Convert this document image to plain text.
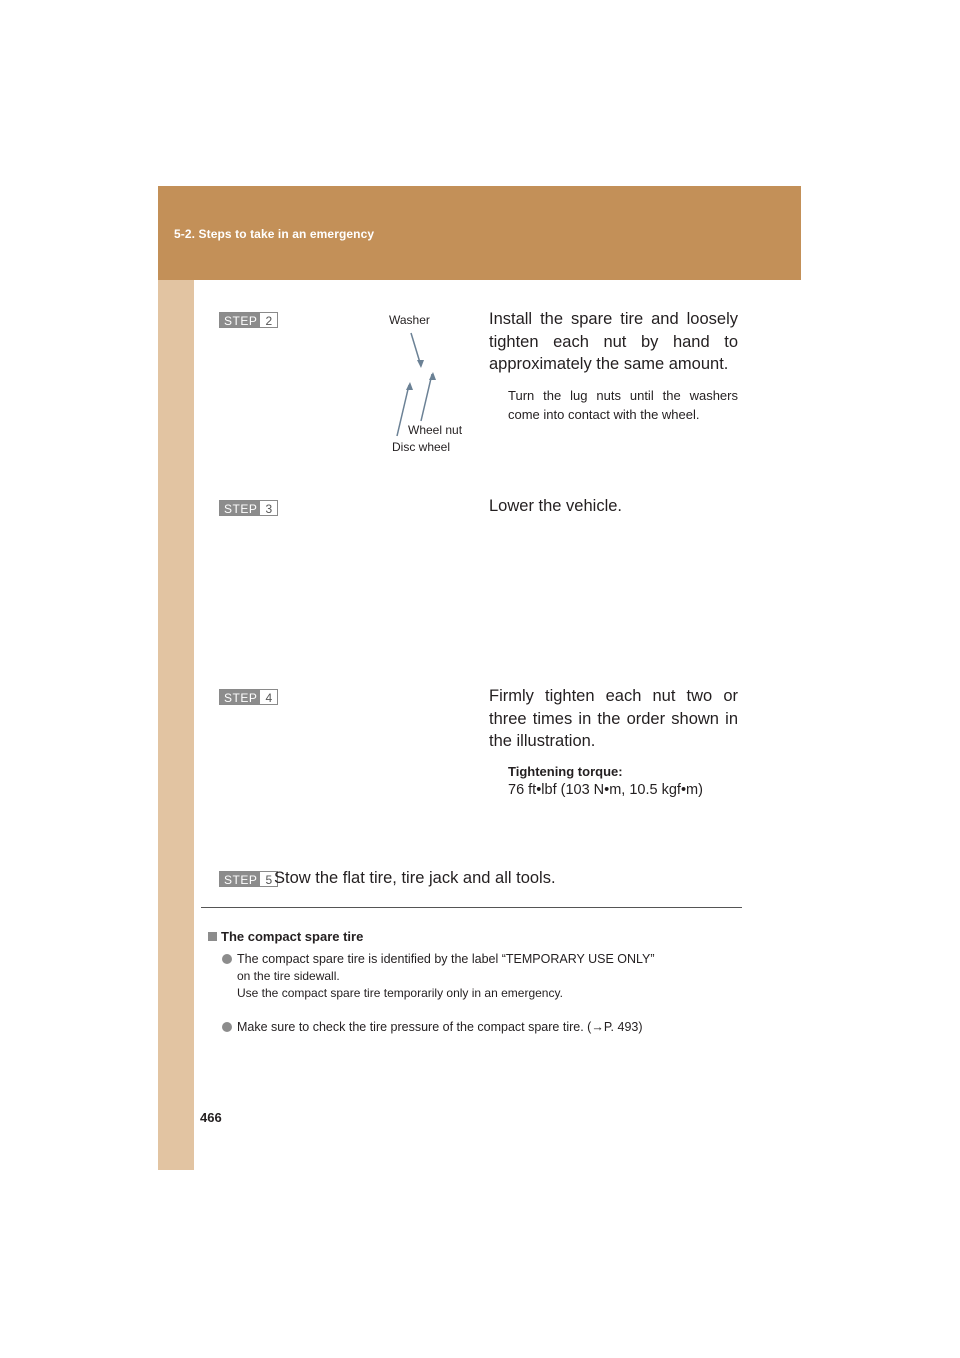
5-2. Steps to take in an emergency
STEP 2	Install the spare tire and loosely tighten each nut by hand to approximately the same amount.
Turn the lug nuts until the washers come into contact with the wheel.
Washer
Wheel nut
Disc wheel
STEP 3	Lower the vehicle.
STEP 4	Firmly tighten each nut two or three times in the order shown in the illustration.
Tightening torque:
76 ft•lbf (103 N•m, 10.5 kgf•m)
STEP 5 Stow the flat tire, tire jack and all tools.
The compact spare tire
The compact spare tire is identified by the label “TEMPORARY USE ONLY”
on the tire sidewall.
Use the compact spare tire temporarily only in an emergency.
Make sure to check the tire pressure of the compact spare tire. (→P. 493)
466
